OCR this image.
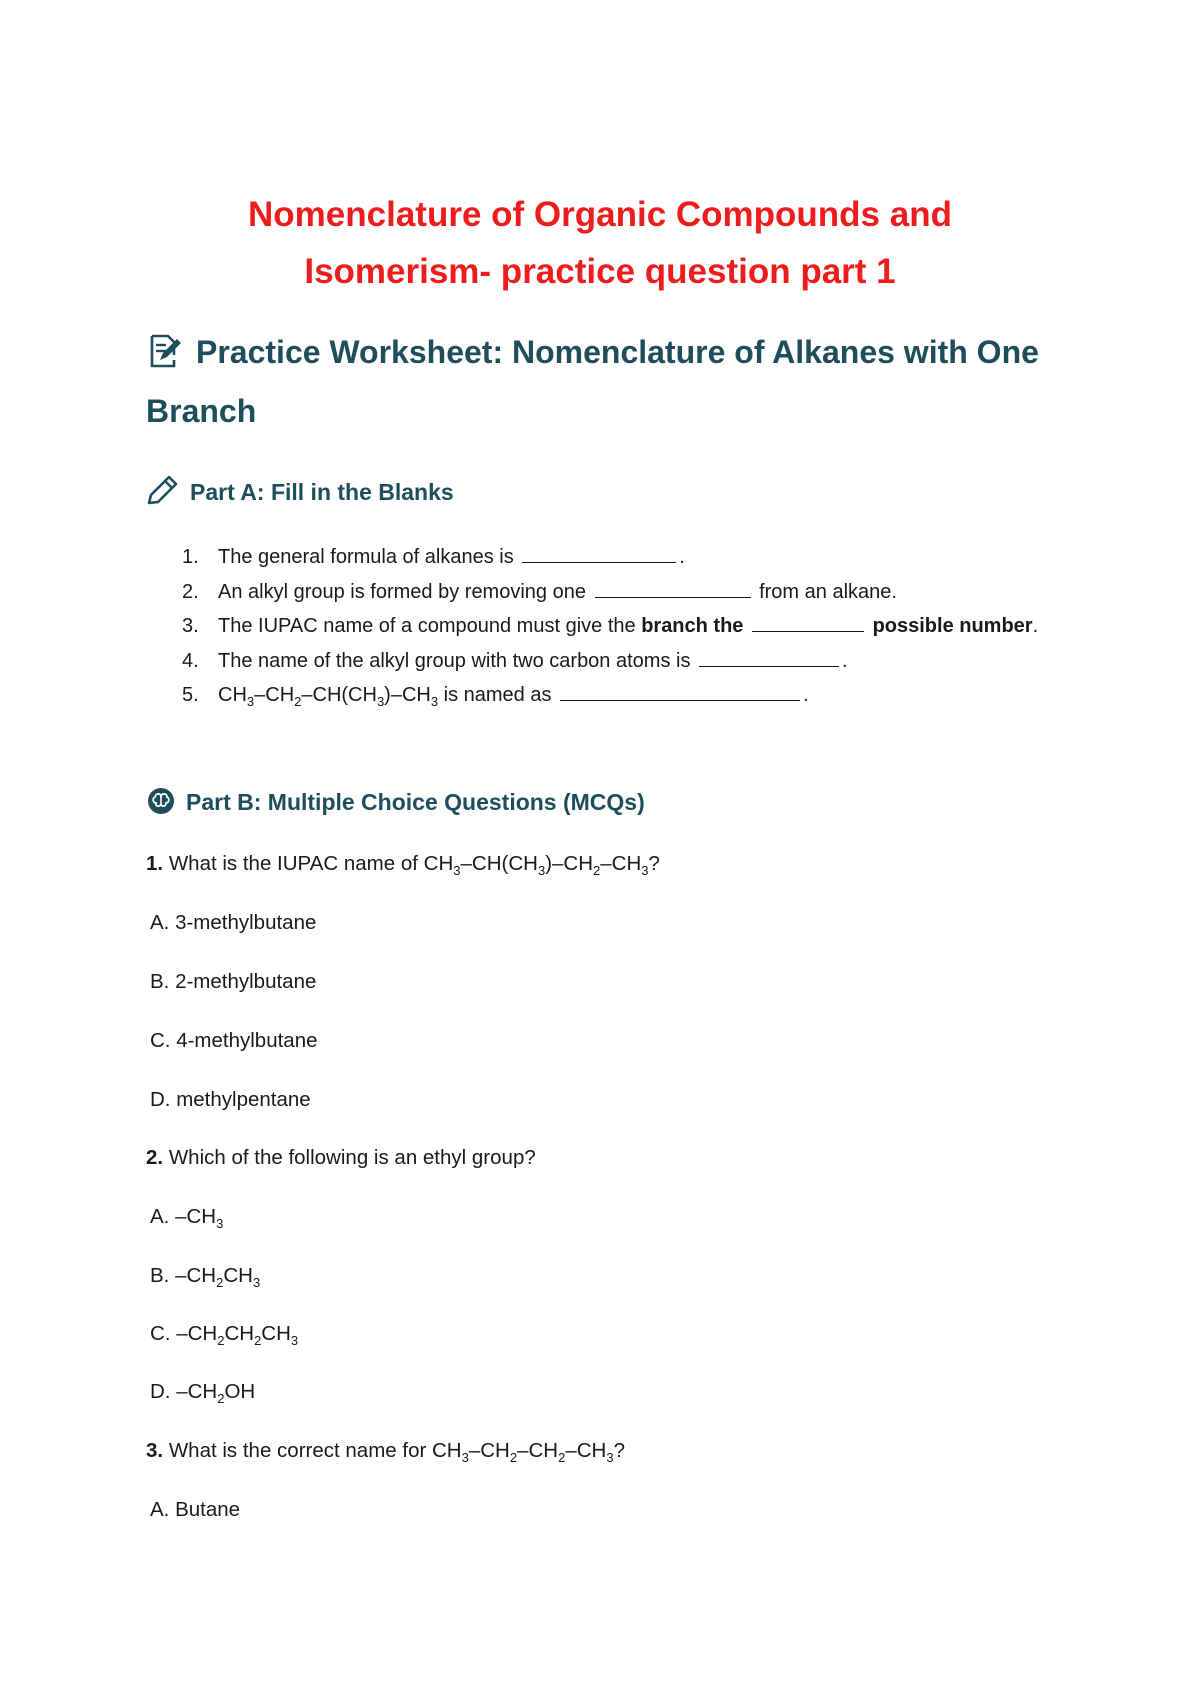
Nomenclature of Organic Compounds and
Isomerism- practice question part 1
Practice Worksheet: Nomenclature of Alkanes with One Branch
Part A: Fill in the Blanks
1. The general formula of alkanes is	.
2. An alkyl group is formed by removing one	from an alkane.
3. The IUPAC name of a compound must give the branch the	possible number.
4. The name of the alkyl group with two carbon atoms is	.
5. $CH_3-CH_2-CH(CH_3)-CH_3$ is named as	.
Part B: Multiple Choice Questions (MCQs)

1. What is the IUPAC name of $CH_3-CH(CH_3)-CH_2-CH_3$?

A. 3-methylbutane

B. 2-methylbutane

C. 4-methylbutane

D. methylpentane

2. Which of the following is an ethyl group?

A. $-CH_3$

B. $-CH_2CH_3$

C. $-CH_2CH_2CH_3$

D. $-CH_2OH$

3. What is the correct name for $CH_3-CH_2-CH_2-CH_3$?

A. Butane
